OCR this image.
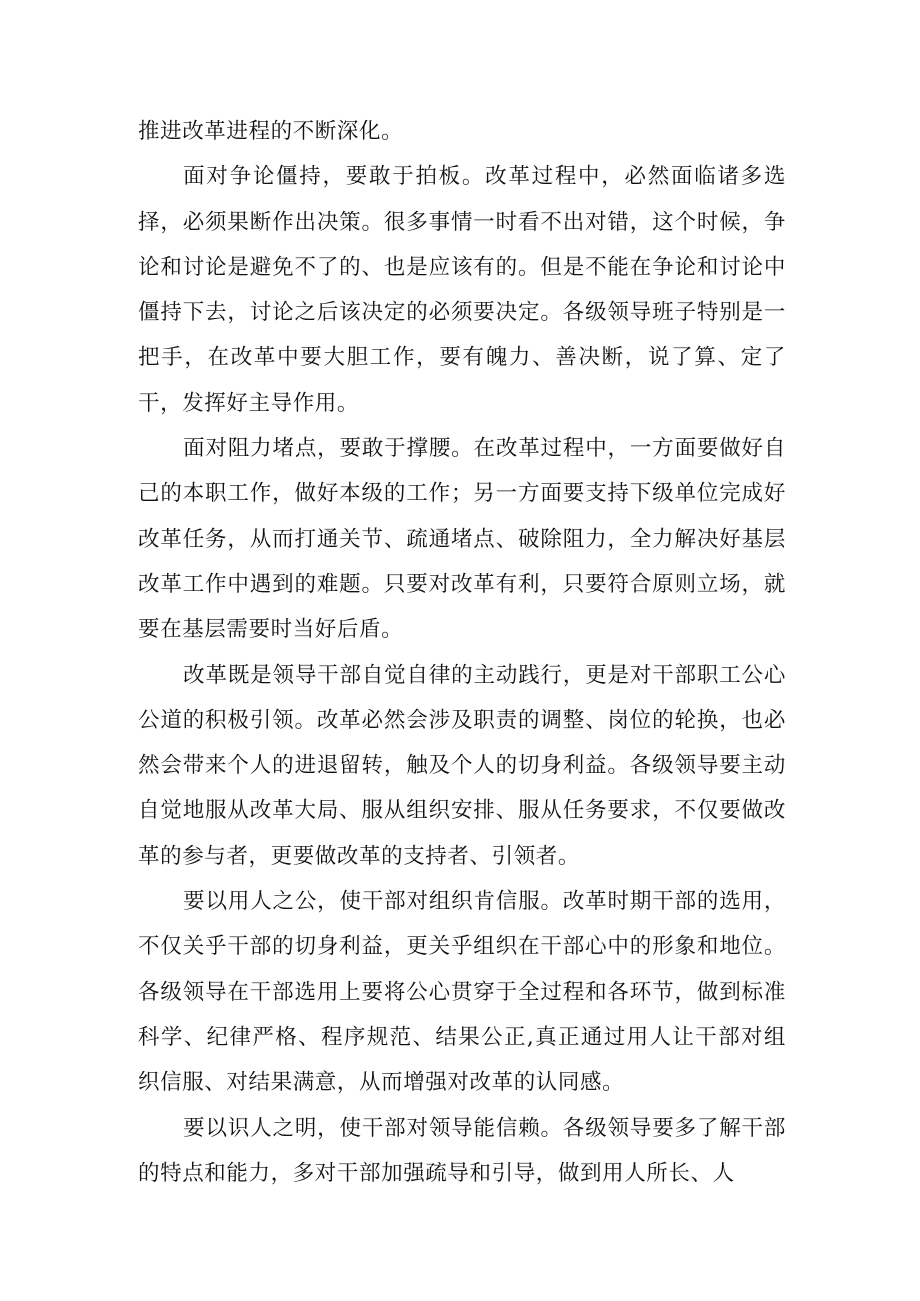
推进改革进程的不断深化。

面对争论僵持，要敢于拍板。改革过程中，必然面临诸多选择，必须果断作出决策。很多事情一时看不出对错，这个时候，争论和讨论是避免不了的、也是应该有的。但是不能在争论和讨论中僵持下去，讨论之后该决定的必须要决定。各级领导班子特别是一把手，在改革中要大胆工作，要有魄力、善决断，说了算、定了干，发挥好主导作用。

面对阻力堵点，要敢于撑腰。在改革过程中，一方面要做好自己的本职工作，做好本级的工作；另一方面要支持下级单位完成好改革任务，从而打通关节、疏通堵点、破除阻力，全力解决好基层改革工作中遇到的难题。只要对改革有利，只要符合原则立场，就要在基层需要时当好后盾。

改革既是领导干部自觉自律的主动践行，更是对干部职工公心公道的积极引领。改革必然会涉及职责的调整、岗位的轮换，也必然会带来个人的进退留转，触及个人的切身利益。各级领导要主动自觉地服从改革大局、服从组织安排、服从任务要求，不仅要做改革的参与者，更要做改革的支持者、引领者。

要以用人之公，使干部对组织肯信服。改革时期干部的选用，不仅关乎干部的切身利益，更关乎组织在干部心中的形象和地位。各级领导在干部选用上要将公心贯穿于全过程和各环节，做到标准科学、纪律严格、程序规范、结果公正,真正通过用人让干部对组织信服、对结果满意，从而增强对改革的认同感。

要以识人之明，使干部对领导能信赖。各级领导要多了解干部的特点和能力，多对干部加强疏导和引导，做到用人所长、人
